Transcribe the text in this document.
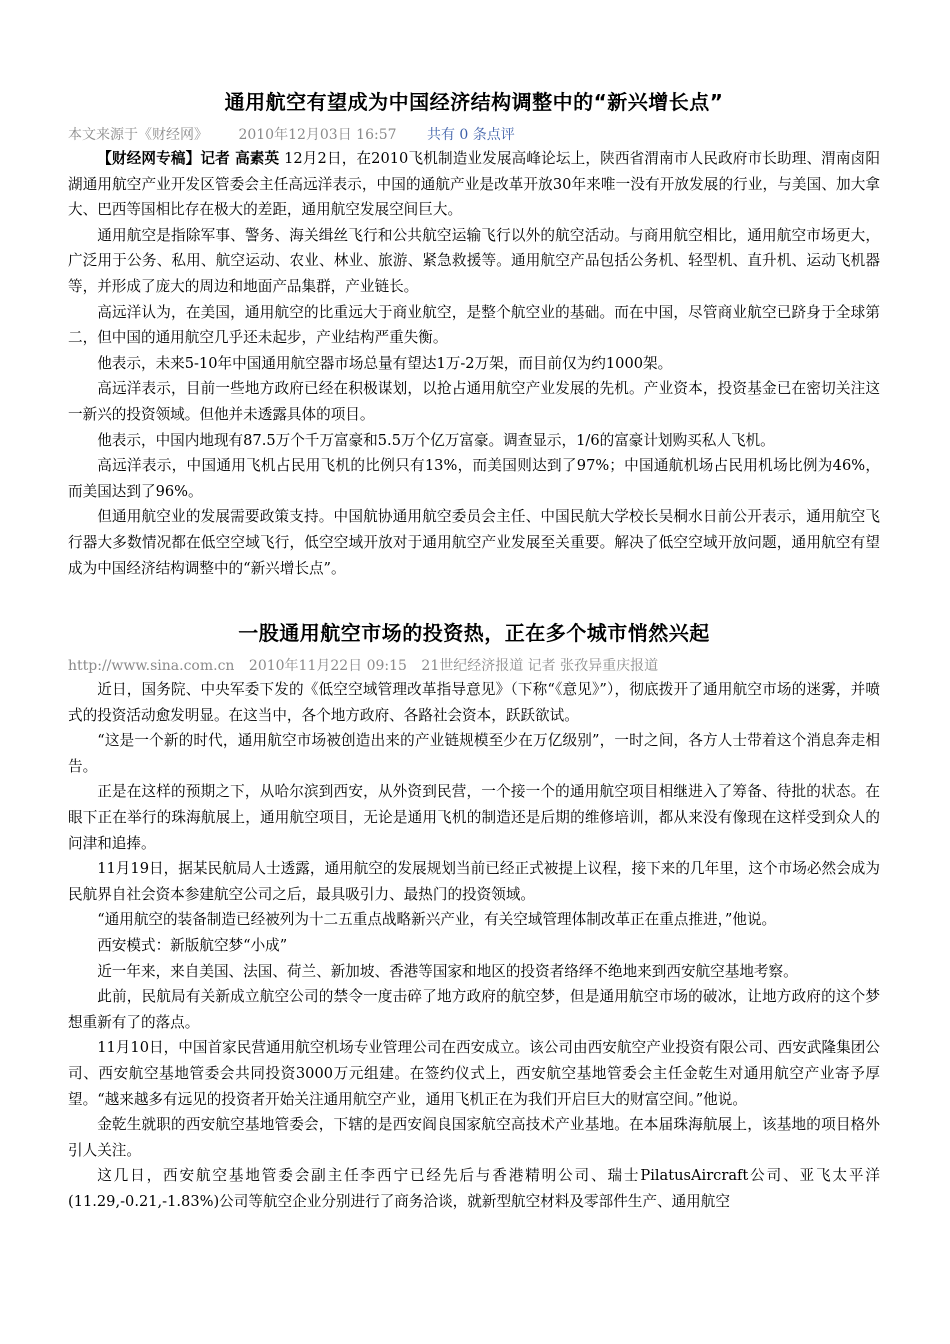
通用航空有望成为中国经济结构调整中的“新兴增长点”
本文来源于《财经网》 2010年12月03日 16:57 共有 0 条点评

【财经网专稿】记者 高素英 12月2日，在2010飞机制造业发展高峰论坛上，陕西省渭南市人民政府市长助理、渭南卤阳湖通用航空产业开发区管委会主任高远洋表示，中国的通航产业是改革开放30年来唯一没有开放发展的行业，与美国、加大拿大、巴西等国相比存在极大的差距，通用航空发展空间巨大。

通用航空是指除军事、警务、海关缉丝飞行和公共航空运输飞行以外的航空活动。与商用航空相比，通用航空市场更大，广泛用于公务、私用、航空运动、农业、林业、旅游、紧急救援等。通用航空产品包括公务机、轻型机、直升机、运动飞机器等，并形成了庞大的周边和地面产品集群，产业链长。

高远洋认为，在美国，通用航空的比重远大于商业航空，是整个航空业的基础。而在中国，尽管商业航空已跻身于全球第二，但中国的通用航空几乎还未起步，产业结构严重失衡。

他表示，未来5-10年中国通用航空器市场总量有望达1万-2万架，而目前仅为约1000架。

高远洋表示，目前一些地方政府已经在积极谋划，以抢占通用航空产业发展的先机。产业资本，投资基金已在密切关注这一新兴的投资领域。但他并未透露具体的项目。

他表示，中国内地现有87.5万个千万富豪和5.5万个亿万富豪。调查显示，1/6的富豪计划购买私人飞机。

高远洋表示，中国通用飞机占民用飞机的比例只有13%，而美国则达到了97%；中国通航机场占民用机场比例为46%，而美国达到了96%。

但通用航空业的发展需要政策支持。中国航协通用航空委员会主任、中国民航大学校长吴桐水日前公开表示，通用航空飞行器大多数情况都在低空空域飞行，低空空域开放对于通用航空产业发展至关重要。解决了低空空域开放问题，通用航空有望成为中国经济结构调整中的“新兴增长点”。

一股通用航空市场的投资热，正在多个城市悄然兴起
http://www.sina.com.cn 2010年11月22日 09:15 21世纪经济报道 记者 张孜异重庆报道

近日，国务院、中央军委下发的《低空空域管理改革指导意见》（下称“《意见》”），彻底拨开了通用航空市场的迷雾，并喷式的投资活动愈发明显。在这当中，各个地方政府、各路社会资本，跃跃欲试。

“这是一个新的时代，通用航空市场被创造出来的产业链规模至少在万亿级别”，一时之间，各方人士带着这个消息奔走相告。

正是在这样的预期之下，从哈尔滨到西安，从外资到民营，一个接一个的通用航空项目相继进入了筹备、待批的状态。在眼下正在举行的珠海航展上，通用航空项目，无论是通用飞机的制造还是后期的维修培训，都从来没有像现在这样受到众人的问津和追捧。

11月19日，据某民航局人士透露，通用航空的发展规划当前已经正式被提上议程，接下来的几年里，这个市场必然会成为民航界自社会资本参建航空公司之后，最具吸引力、最热门的投资领域。

“通用航空的装备制造已经被列为十二五重点战略新兴产业，有关空域管理体制改革正在重点推进，”他说。

西安模式：新版航空梦“小成”

近一年来，来自美国、法国、荷兰、新加坡、香港等国家和地区的投资者络绎不绝地来到西安航空基地考察。

此前，民航局有关新成立航空公司的禁令一度击碎了地方政府的航空梦，但是通用航空市场的破冰，让地方政府的这个梦想重新有了的落点。

11月10日，中国首家民营通用航空机场专业管理公司在西安成立。该公司由西安航空产业投资有限公司、西安武隆集团公司、西安航空基地管委会共同投资3000万元组建。在签约仪式上，西安航空基地管委会主任金乾生对通用航空产业寄予厚望。“越来越多有远见的投资者开始关注通用航空产业，通用飞机正在为我们开启巨大的财富空间。”他说。

金乾生就职的西安航空基地管委会，下辖的是西安阎良国家航空高技术产业基地。在本届珠海航展上，该基地的项目格外引人关注。

这几日，西安航空基地管委会副主任李西宁已经先后与香港精明公司、瑞士PilatusAircraft公司、亚飞太平洋(11.29,-0.21,-1.83%)公司等航空企业分别进行了商务洽谈，就新型航空材料及零部件生产、通用航空
